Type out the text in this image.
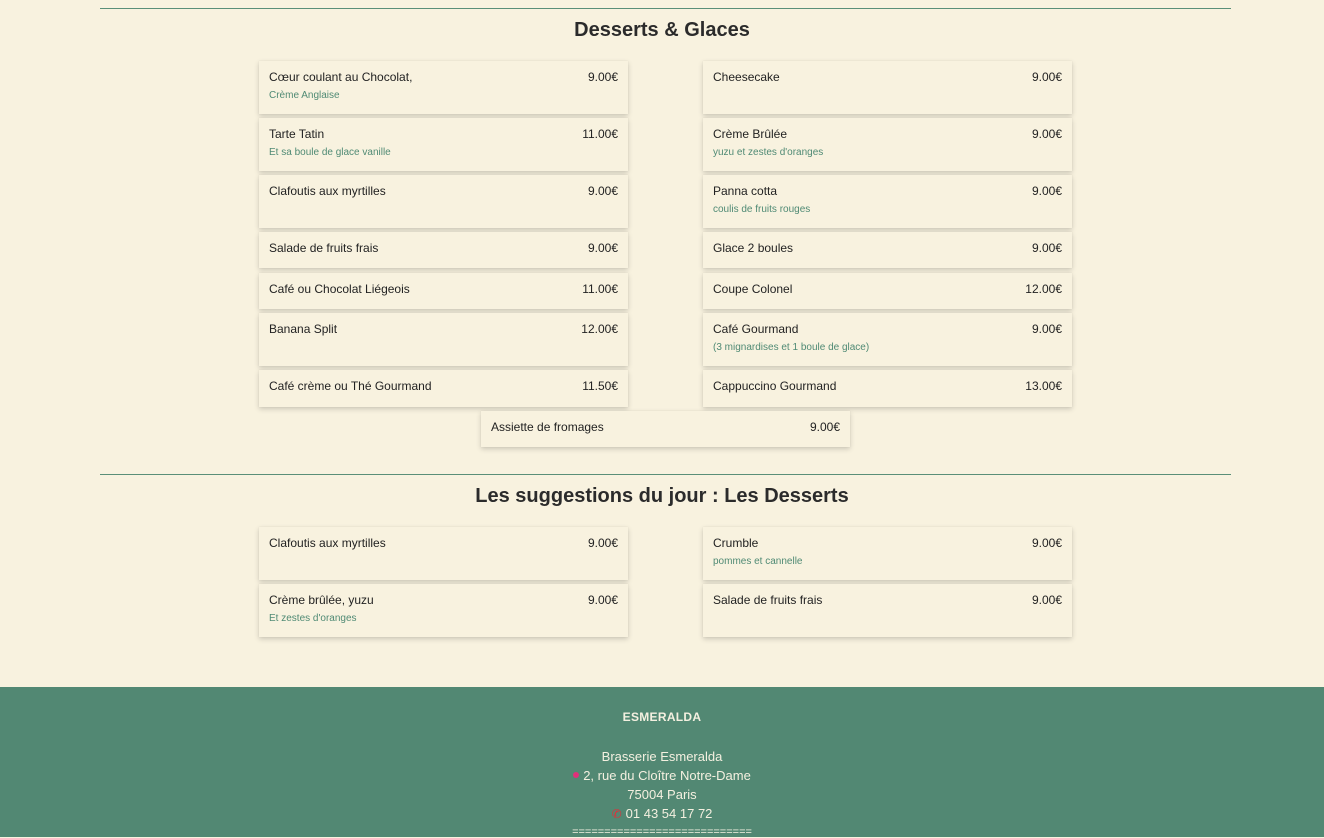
Desserts & Glaces
Cœur coulant au Chocolat,	9.00€
Crème Anglaise
Cheesecake	9.00€
Tarte Tatin	11.00€
Et sa boule de glace vanille
Crème Brûlée	9.00€
yuzu et zestes d'oranges
Clafoutis aux myrtilles	9.00€	Panna cotta	9.00€
coulis de fruits rouges
Salade de fruits frais	9.00€	Glace 2 boules	9.00€
Café ou Chocolat Liégeois	11.00€	Coupe Colonel	12.00€
Banana Split	12.00€	Café Gourmand	9.00€
(3 mignardises et 1 boule de glace)
Café crème ou Thé Gourmand	11.50€	Cappuccino Gourmand	13.00€
Assiette de fromages	9.00€
Les suggestions du jour : Les Desserts
Clafoutis aux myrtilles	9.00€	Crumble	9.00€
pommes et cannelle
Crème brûlée, yuzu	9.00€
Et zestes d'oranges
Salade de fruits frais	9.00€
ESMERALDA
Brasserie Esmeralda
2, rue du Cloître Notre-Dame
75004 Paris
✆ 01 43 54 17 72
============================
